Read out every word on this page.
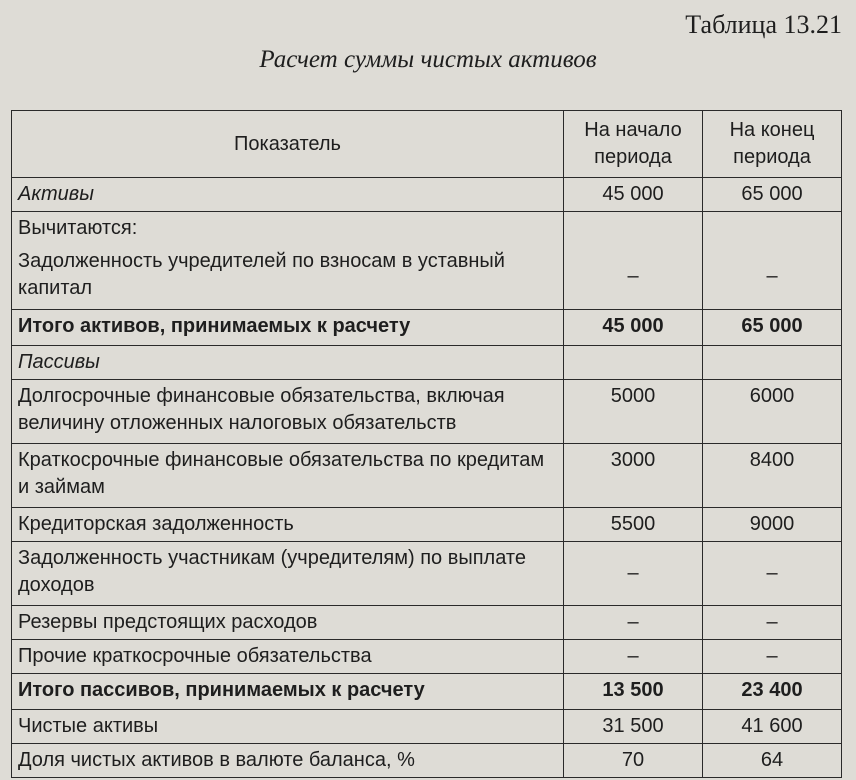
Таблица 13.21
Расчет суммы чистых активов
Показатель	На начало периода	На конец периода
Активы	45 000	65 000
Вычитаются:		
Задолженность учредителей по взносам в уставный капитал	–	–
Итого активов, принимаемых к расчету	45 000	65 000
Пассивы		
Долгосрочные финансовые обязательства, включая величину отложенных налоговых обязательств	5000	6000
Краткосрочные финансовые обязательства по кредитам и займам	3000	8400
Кредиторская задолженность	5500	9000
Задолженность участникам (учредителям) по выплате доходов	–	–
Резервы предстоящих расходов	–	–
Прочие краткосрочные обязательства	–	–
Итого пассивов, принимаемых к расчету	13 500	23 400
Чистые активы	31 500	41 600
Доля чистых активов в валюте баланса, %	70	64
